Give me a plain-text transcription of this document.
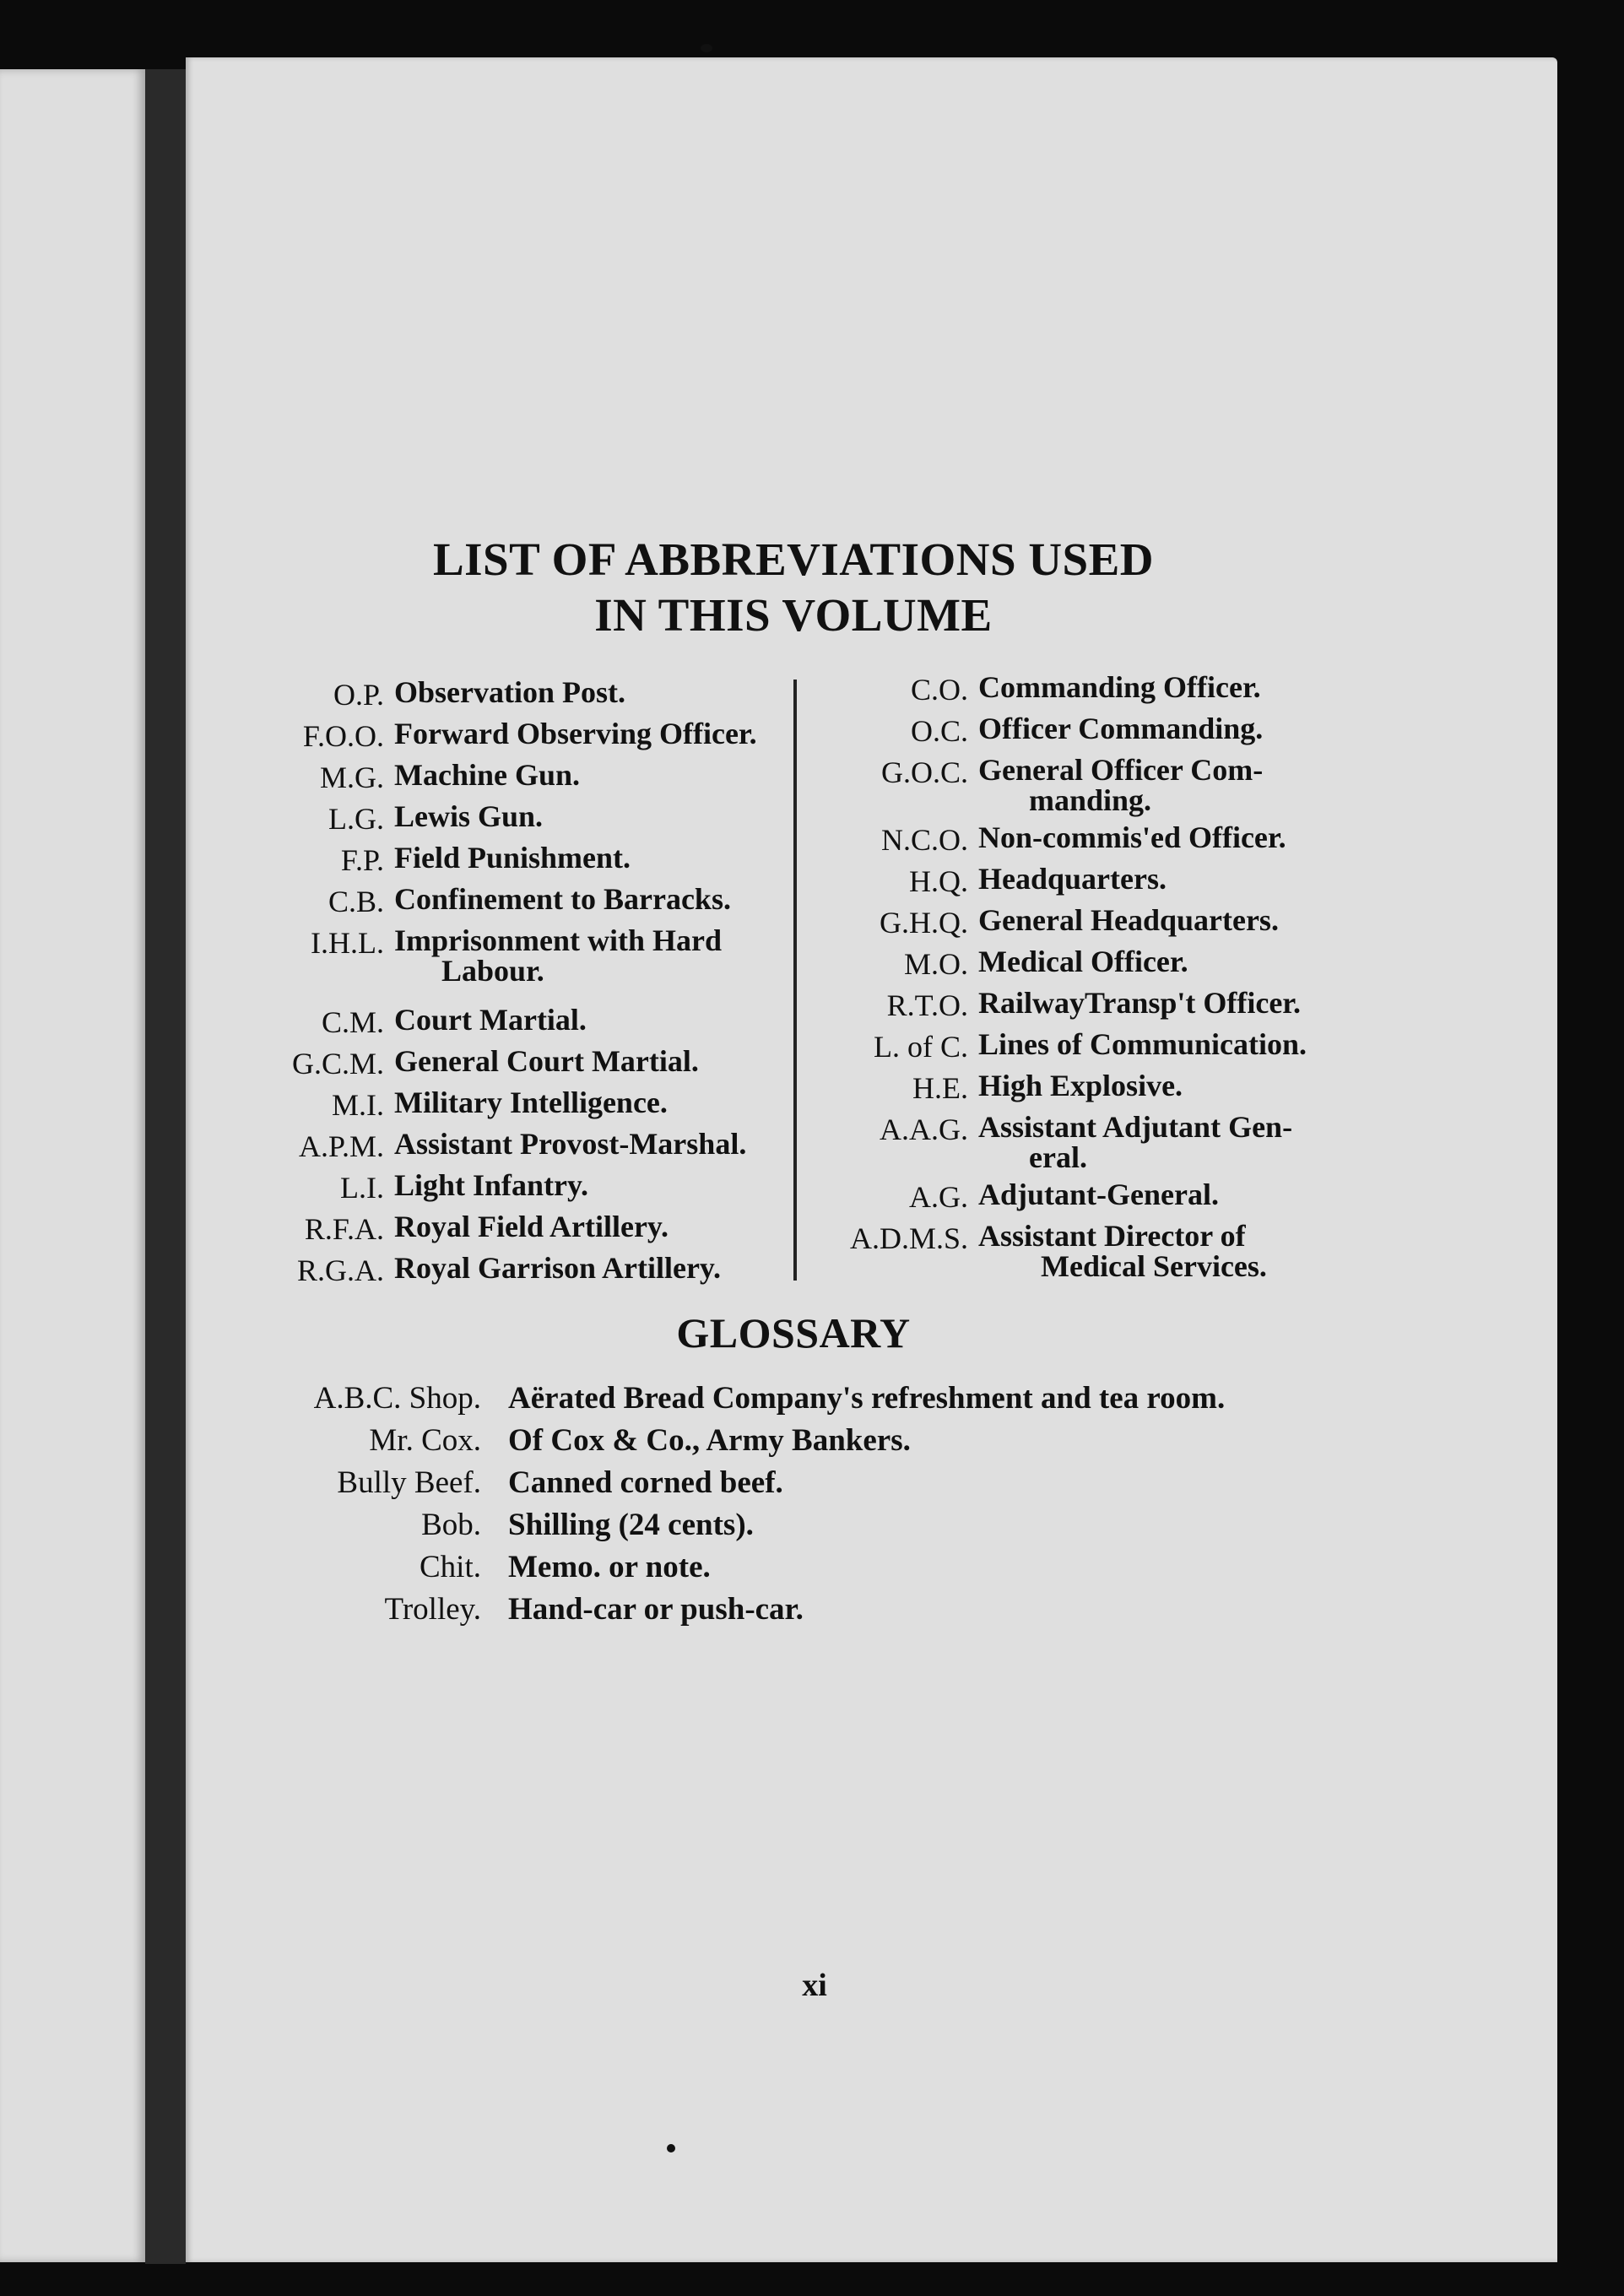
LIST OF ABBREVIATIONS USED
IN THIS VOLUME
O.P. Observation Post.
F.O.O. Forward Observing Officer.
M.G. Machine Gun.
L.G. Lewis Gun.
F.P. Field Punishment.
C.B. Confinement to Barracks.
I.H.L. Imprisonment with Hard
Labour.
C.M. Court Martial.
G.C.M. General Court Martial.
M.I. Military Intelligence.
A.P.M. Assistant Provost-Marshal.
L.I. Light Infantry.
R.F.A. Royal Field Artillery.
R.G.A. Royal Garrison Artillery.
C.O. Commanding Officer.
O.C. Officer Commanding.
G.O.C. General Officer Com-
manding.
N.C.O. Non-commis'ed Officer.
H.Q. Headquarters.
G.H.Q. General Headquarters.
M.O. Medical Officer.
R.T.O. RailwayTransp't Officer.
L. of C. Lines of Communication.
H.E. High Explosive.
A.A.G. Assistant Adjutant Gen-
eral.
A.G. Adjutant-General.
A.D.M.S. Assistant Director of
Medical Services.
GLOSSARY
A.B.C. Shop. Aërated Bread Company's refreshment and tea room.
Mr. Cox. Of Cox & Co., Army Bankers.
Bully Beef. Canned corned beef.
Bob. Shilling (24 cents).
Chit. Memo. or note.
Trolley. Hand-car or push-car.
xi
